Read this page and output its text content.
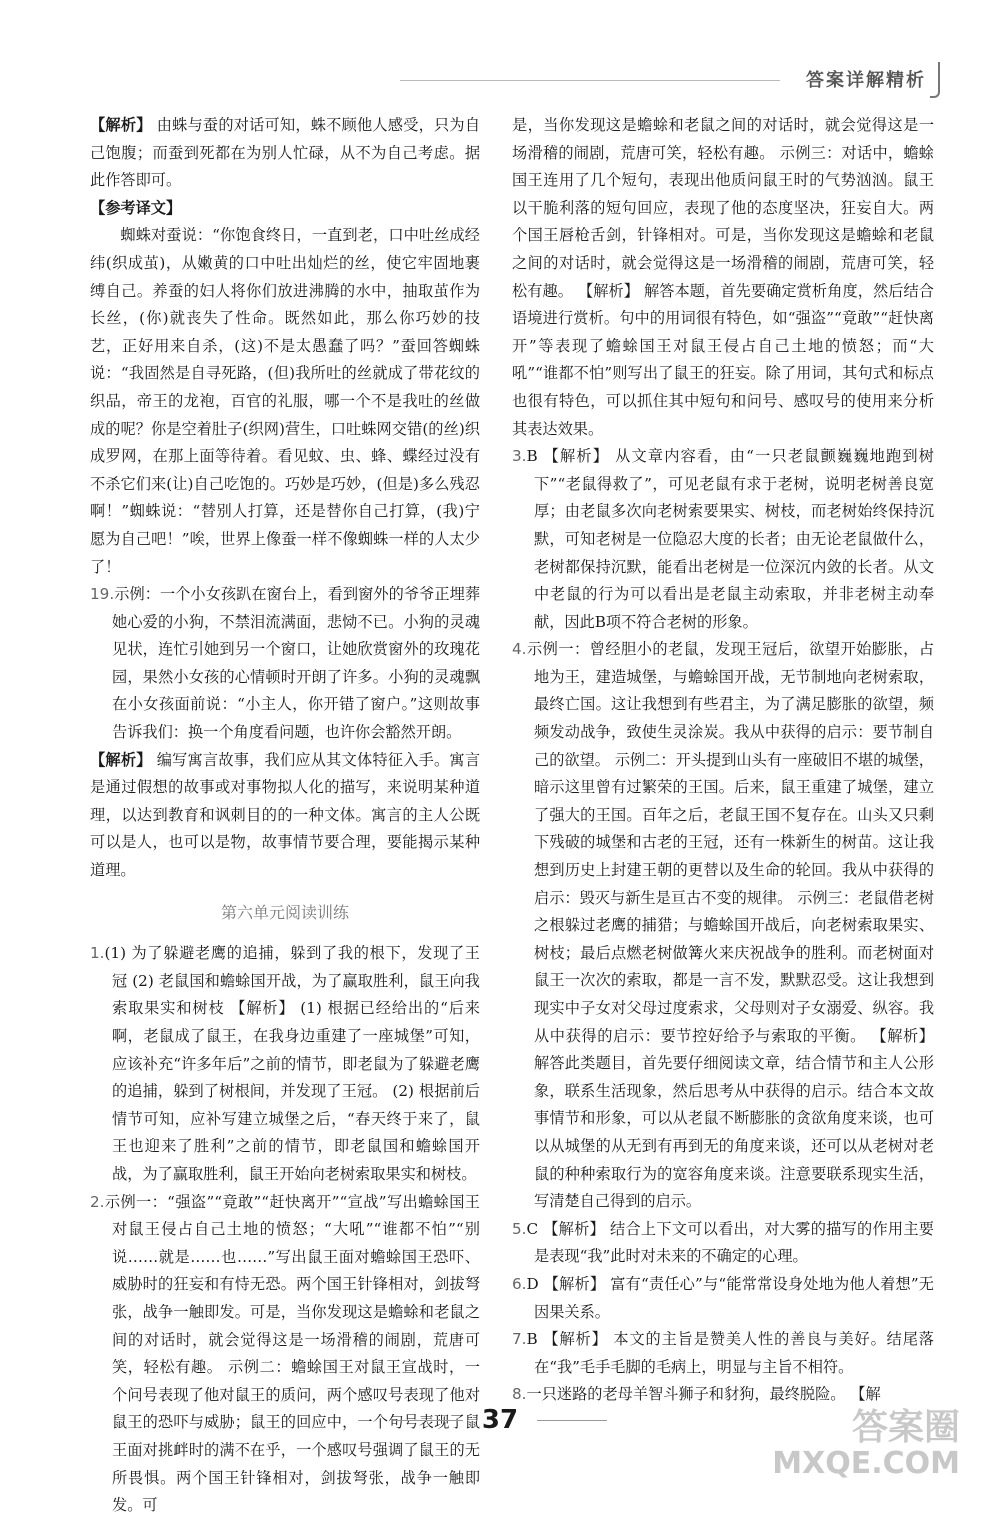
答案详解精析

【解析】 由蛛与蚕的对话可知，蛛不顾他人感受，只为自己饱腹；而蚕到死都在为别人忙碌，从不为自己考虑。据此作答即可。

【参考译文】

蜘蛛对蚕说：“你饱食终日，一直到老，口中吐丝成经纬(织成茧)，从嫩黄的口中吐出灿烂的丝，使它牢固地裹缚自己。养蚕的妇人将你们放进沸腾的水中，抽取茧作为长丝，(你)就丧失了性命。既然如此，那么你巧妙的技艺，正好用来自杀，(这)不是太愚蠢了吗？”蚕回答蜘蛛说：“我固然是自寻死路，(但)我所吐的丝就成了带花纹的织品，帝王的龙袍，百官的礼服，哪一个不是我吐的丝做成的呢？你是空着肚子(织网)营生，口吐蛛网交错(的丝)织成罗网，在那上面等待着。看见蚊、虫、蜂、蝶经过没有不杀它们来(让)自己吃饱的。巧妙是巧妙，(但是)多么残忍啊！”蜘蛛说：“替别人打算，还是替你自己打算，(我)宁愿为自己吧！”唉，世界上像蚕一样不像蜘蛛一样的人太少了！

19.示例：一个小女孩趴在窗台上，看到窗外的爷爷正埋葬她心爱的小狗，不禁泪流满面，悲恸不已。小狗的灵魂见状，连忙引她到另一个窗口，让她欣赏窗外的玫瑰花园，果然小女孩的心情顿时开朗了许多。小狗的灵魂飘在小女孩面前说：“小主人，你开错了窗户。”这则故事告诉我们：换一个角度看问题，也许你会豁然开朗。

【解析】 编写寓言故事，我们应从其文体特征入手。寓言是通过假想的故事或对事物拟人化的描写，来说明某种道理，以达到教育和讽刺目的的一种文体。寓言的主人公既可以是人，也可以是物，故事情节要合理，要能揭示某种道理。

第六单元阅读训练

1.(1) 为了躲避老鹰的追捕，躲到了我的根下，发现了王冠 (2) 老鼠国和蟾蜍国开战，为了赢取胜利，鼠王向我索取果实和树枝 【解析】 (1) 根据已经给出的“后来啊，老鼠成了鼠王，在我身边重建了一座城堡”可知，应该补充“许多年后”之前的情节，即老鼠为了躲避老鹰的追捕，躲到了树根间，并发现了王冠。 (2) 根据前后情节可知，应补写建立城堡之后，“春天终于来了，鼠王也迎来了胜利”之前的情节，即老鼠国和蟾蜍国开战，为了赢取胜利，鼠王开始向老树索取果实和树枝。

2.示例一：“强盗”“竟敢”“赶快离开”“宣战”写出蟾蜍国王对鼠王侵占自己土地的愤怒；“大吼”“谁都不怕”“别说……就是……也……”写出鼠王面对蟾蜍国王恐吓、威胁时的狂妄和有恃无恐。两个国王针锋相对，剑拔弩张，战争一触即发。可是，当你发现这是蟾蜍和老鼠之间的对话时，就会觉得这是一场滑稽的闹剧，荒唐可笑，轻松有趣。 示例二：蟾蜍国王对鼠王宣战时，一个问号表现了他对鼠王的质问，两个感叹号表现了他对鼠王的恐吓与威胁；鼠王的回应中，一个句号表现了鼠王面对挑衅时的满不在乎，一个感叹号强调了鼠王的无所畏惧。两个国王针锋相对，剑拔弩张，战争一触即发。可

是，当你发现这是蟾蜍和老鼠之间的对话时，就会觉得这是一场滑稽的闹剧，荒唐可笑，轻松有趣。 示例三：对话中，蟾蜍国王连用了几个短句，表现出他质问鼠王时的气势汹汹。鼠王以干脆利落的短句回应，表现了他的态度坚决，狂妄自大。两个国王唇枪舌剑，针锋相对。可是，当你发现这是蟾蜍和老鼠之间的对话时，就会觉得这是一场滑稽的闹剧，荒唐可笑，轻松有趣。 【解析】 解答本题，首先要确定赏析角度，然后结合语境进行赏析。句中的用词很有特色，如“强盗”“竟敢”“赶快离开”等表现了蟾蜍国王对鼠王侵占自己土地的愤怒；而“大吼”“谁都不怕”则写出了鼠王的狂妄。除了用词，其句式和标点也很有特色，可以抓住其中短句和问号、感叹号的使用来分析其表达效果。

3.B 【解析】 从文章内容看，由“一只老鼠颤巍巍地跑到树下”“老鼠得救了”，可见老鼠有求于老树，说明老树善良宽厚；由老鼠多次向老树索要果实、树枝，而老树始终保持沉默，可知老树是一位隐忍大度的长者；由无论老鼠做什么，老树都保持沉默，能看出老树是一位深沉内敛的长者。从文中老鼠的行为可以看出是老鼠主动索取，并非老树主动奉献，因此B项不符合老树的形象。

4.示例一：曾经胆小的老鼠，发现王冠后，欲望开始膨胀，占地为王，建造城堡，与蟾蜍国开战，无节制地向老树索取，最终亡国。这让我想到有些君主，为了满足膨胀的欲望，频频发动战争，致使生灵涂炭。我从中获得的启示：要节制自己的欲望。 示例二：开头提到山头有一座破旧不堪的城堡，暗示这里曾有过繁荣的王国。后来，鼠王重建了城堡，建立了强大的王国。百年之后，老鼠王国不复存在。山头又只剩下残破的城堡和古老的王冠，还有一株新生的树苗。这让我想到历史上封建王朝的更替以及生命的轮回。我从中获得的启示：毁灭与新生是亘古不变的规律。 示例三：老鼠借老树之根躲过老鹰的捕猎；与蟾蜍国开战后，向老树索取果实、树枝；最后点燃老树做篝火来庆祝战争的胜利。而老树面对鼠王一次次的索取，都是一言不发，默默忍受。这让我想到现实中子女对父母过度索求，父母则对子女溺爱、纵容。我从中获得的启示：要节控好给予与索取的平衡。 【解析】 解答此类题目，首先要仔细阅读文章，结合情节和主人公形象，联系生活现象，然后思考从中获得的启示。结合本文故事情节和形象，可以从老鼠不断膨胀的贪欲角度来谈，也可以从城堡的从无到有再到无的角度来谈，还可以从老树对老鼠的种种索取行为的宽容角度来谈。注意要联系现实生活，写清楚自己得到的启示。

5.C 【解析】 结合上下文可以看出，对大雾的描写的作用主要是表现“我”此时对未来的不确定的心理。

6.D 【解析】 富有“责任心”与“能常常设身处地为他人着想”无因果关系。

7.B 【解析】 本文的主旨是赞美人性的善良与美好。结尾落在“我”毛手毛脚的毛病上，明显与主旨不相符。

8.一只迷路的老母羊智斗狮子和豺狗，最终脱险。 【解

37	答案圈
MXQE.COM
